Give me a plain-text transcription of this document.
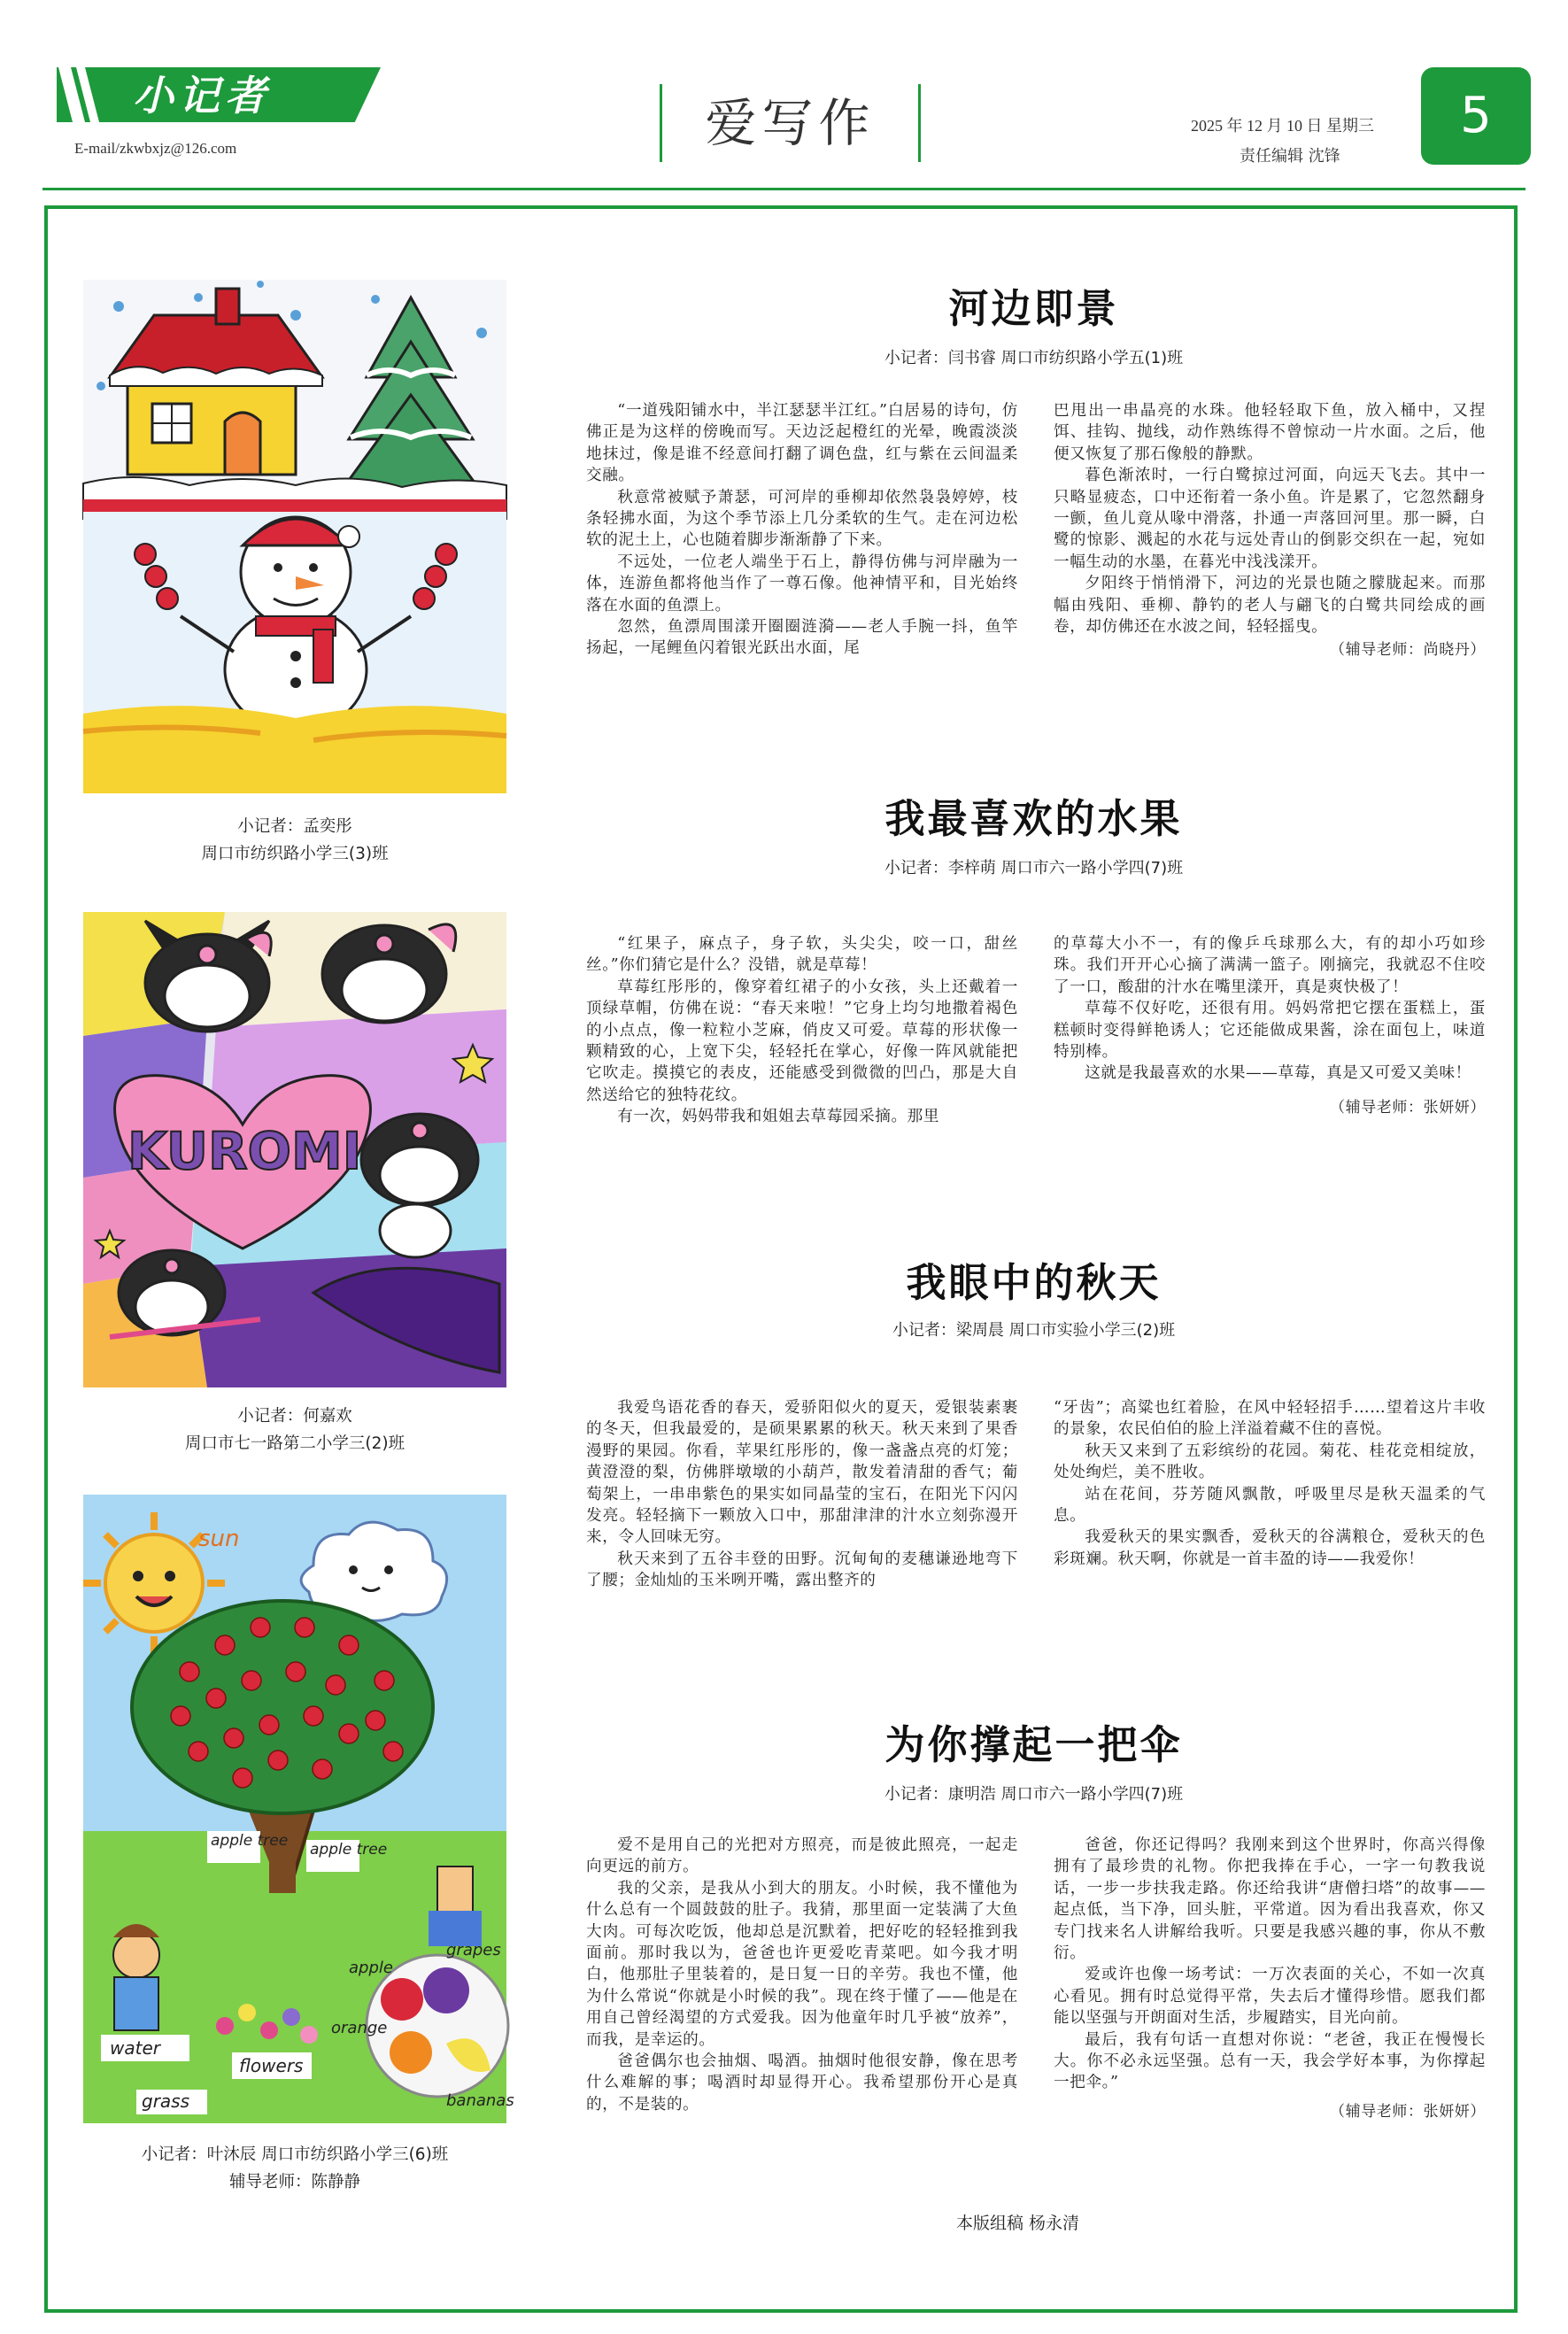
小记者
E-mail/zkwbxjz@126.com	爱写作	2025 年 12 月 10 日 星期三
责任编辑 沈锋
5
小记者：孟奕彤
周口市纺织路小学三(3)班
KUROMI
小记者：何嘉欢
周口市七一路第二小学三(2)班
sun
apple tree apple tree
water
flowers
apple
grapes
orange
bananas
grass
小记者：叶沐辰 周口市纺织路小学三(6)班
辅导老师：陈静静
河边即景
小记者：闫书睿 周口市纺织路小学五(1)班

“一道残阳铺水中，半江瑟瑟半江红。”白居易的诗句，仿佛正是为这样的傍晚而写。天边泛起橙红的光晕，晚霞淡淡地抹过，像是谁不经意间打翻了调色盘，红与紫在云间温柔交融。

秋意常被赋予萧瑟，可河岸的垂柳却依然袅袅婷婷，枝条轻拂水面，为这个季节添上几分柔软的生气。走在河边松软的泥土上，心也随着脚步渐渐静了下来。

不远处，一位老人端坐于石上，静得仿佛与河岸融为一体，连游鱼都将他当作了一尊石像。他神情平和，目光始终落在水面的鱼漂上。

忽然，鱼漂周围漾开圈圈涟漪——老人手腕一抖，鱼竿扬起，一尾鲤鱼闪着银光跃出水面，尾

巴甩出一串晶亮的水珠。他轻轻取下鱼，放入桶中，又捏饵、挂钩、抛线，动作熟练得不曾惊动一片水面。之后，他便又恢复了那石像般的静默。

暮色渐浓时，一行白鹭掠过河面，向远天飞去。其中一只略显疲态，口中还衔着一条小鱼。许是累了，它忽然翻身一颤，鱼儿竟从喙中滑落，扑通一声落回河里。那一瞬，白鹭的惊影、溅起的水花与远处青山的倒影交织在一起，宛如一幅生动的水墨，在暮光中浅浅漾开。

夕阳终于悄悄滑下，河边的光景也随之朦胧起来。而那幅由残阳、垂柳、静钓的老人与翩飞的白鹭共同绘成的画卷，却仿佛还在水波之间，轻轻摇曳。

（辅导老师：尚晓丹）
我最喜欢的水果
小记者：李梓萌 周口市六一路小学四(7)班

“红果子，麻点子，身子软，头尖尖，咬一口，甜丝丝。”你们猜它是什么？没错，就是草莓！

草莓红彤彤的，像穿着红裙子的小女孩，头上还戴着一顶绿草帽，仿佛在说：“春天来啦！”它身上均匀地撒着褐色的小点点，像一粒粒小芝麻，俏皮又可爱。草莓的形状像一颗精致的心，上宽下尖，轻轻托在掌心，好像一阵风就能把它吹走。摸摸它的表皮，还能感受到微微的凹凸，那是大自然送给它的独特花纹。

有一次，妈妈带我和姐姐去草莓园采摘。那里

的草莓大小不一，有的像乒乓球那么大，有的却小巧如珍珠。我们开开心心摘了满满一篮子。刚摘完，我就忍不住咬了一口，酸甜的汁水在嘴里漾开，真是爽快极了！

草莓不仅好吃，还很有用。妈妈常把它摆在蛋糕上，蛋糕顿时变得鲜艳诱人；它还能做成果酱，涂在面包上，味道特别棒。

这就是我最喜欢的水果——草莓，真是又可爱又美味！

（辅导老师：张妍妍）
我眼中的秋天
小记者：梁周晨 周口市实验小学三(2)班

我爱鸟语花香的春天，爱骄阳似火的夏天，爱银装素裹的冬天，但我最爱的，是硕果累累的秋天。秋天来到了果香漫野的果园。你看，苹果红彤彤的，像一盏盏点亮的灯笼；黄澄澄的梨，仿佛胖墩墩的小葫芦，散发着清甜的香气；葡萄架上，一串串紫色的果实如同晶莹的宝石，在阳光下闪闪发亮。轻轻摘下一颗放入口中，那甜津津的汁水立刻弥漫开来，令人回味无穷。

秋天来到了五谷丰登的田野。沉甸甸的麦穗谦逊地弯下了腰；金灿灿的玉米咧开嘴，露出整齐的

“牙齿”；高粱也红着脸，在风中轻轻招手……望着这片丰收的景象，农民伯伯的脸上洋溢着藏不住的喜悦。

秋天又来到了五彩缤纷的花园。菊花、桂花竞相绽放，处处绚烂，美不胜收。

站在花间，芬芳随风飘散，呼吸里尽是秋天温柔的气息。

我爱秋天的果实飘香，爱秋天的谷满粮仓，爱秋天的色彩斑斓。秋天啊，你就是一首丰盈的诗——我爱你！

为你撑起一把伞
小记者：康明浩 周口市六一路小学四(7)班

爱不是用自己的光把对方照亮，而是彼此照亮，一起走向更远的前方。

我的父亲，是我从小到大的朋友。小时候，我不懂他为什么总有一个圆鼓鼓的肚子。我猜，那里面一定装满了大鱼大肉。可每次吃饭，他却总是沉默着，把好吃的轻轻推到我面前。那时我以为，爸爸也许更爱吃青菜吧。如今我才明白，他那肚子里装着的，是日复一日的辛劳。我也不懂，他为什么常说“你就是小时候的我”。现在终于懂了——他是在用自己曾经渴望的方式爱我。因为他童年时几乎被“放养”，而我，是幸运的。

爸爸偶尔也会抽烟、喝酒。抽烟时他很安静，像在思考什么难解的事；喝酒时却显得开心。我希望那份开心是真的，不是装的。

爸爸，你还记得吗？我刚来到这个世界时，你高兴得像拥有了最珍贵的礼物。你把我捧在手心，一字一句教我说话，一步一步扶我走路。你还给我讲“唐僧扫塔”的故事——起点低，当下净，回头脏，平常道。因为看出我喜欢，你又专门找来名人讲解给我听。只要是我感兴趣的事，你从不敷衍。

爱或许也像一场考试：一万次表面的关心，不如一次真心看见。拥有时总觉得平常，失去后才懂得珍惜。愿我们都能以坚强与开朗面对生活，步履踏实，目光向前。

最后，我有句话一直想对你说：“老爸，我正在慢慢长大。你不必永远坚强。总有一天，我会学好本事，为你撑起一把伞。”

（辅导老师：张妍妍）
本版组稿 杨永清
